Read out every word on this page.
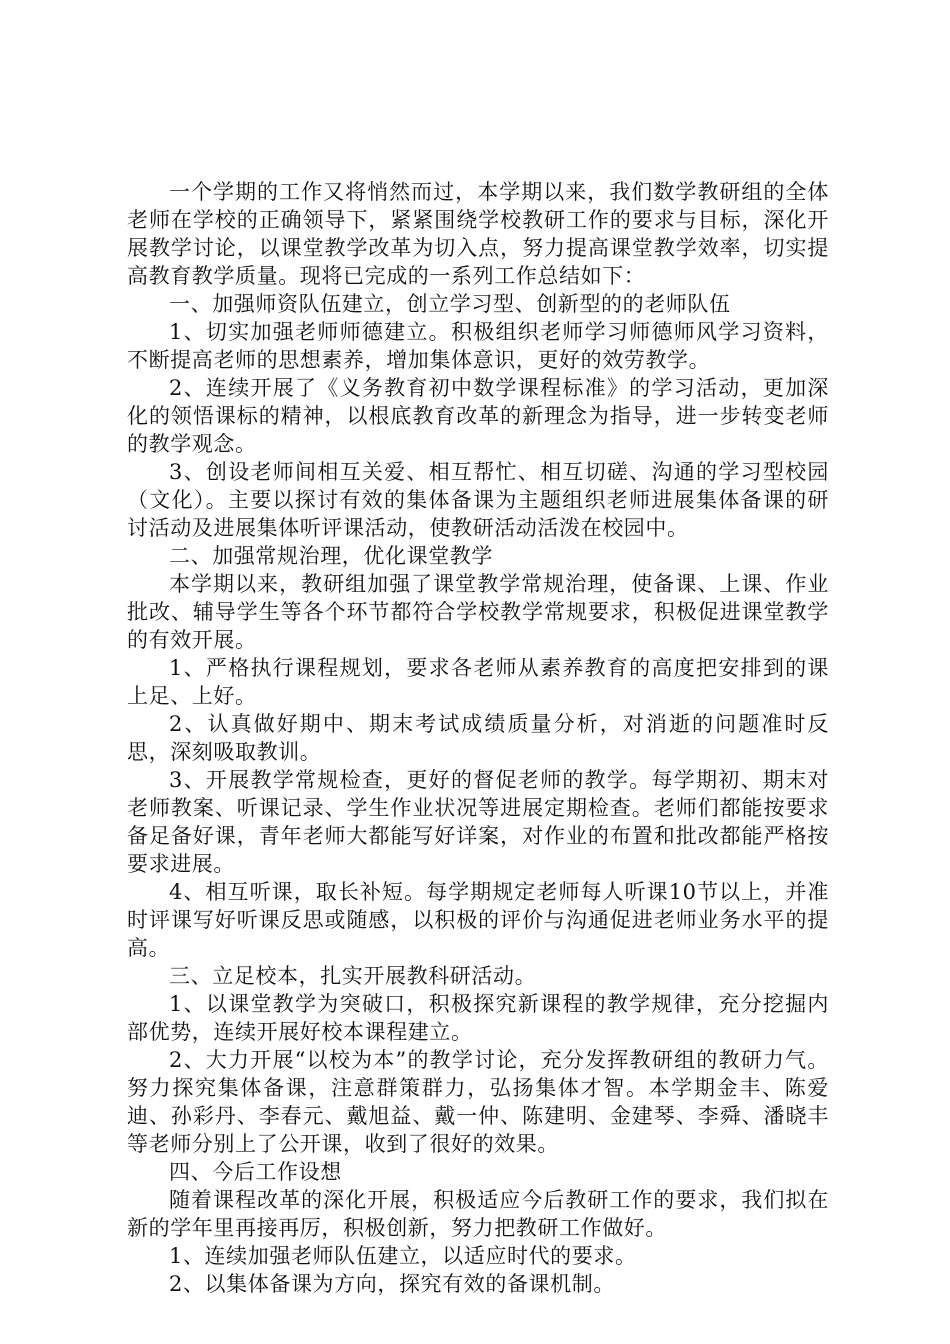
一个学期的工作又将悄然而过，本学期以来，我们数学教研组的全体老师在学校的正确领导下，紧紧围绕学校教研工作的要求与目标，深化开展教学讨论，以课堂教学改革为切入点，努力提高课堂教学效率，切实提高教育教学质量。现将已完成的一系列工作总结如下：

一、加强师资队伍建立，创立学习型、创新型的的老师队伍

1、切实加强老师师德建立。积极组织老师学习师德师风学习资料，不断提高老师的思想素养，增加集体意识，更好的效劳教学。

2、连续开展了《义务教育初中数学课程标准》的学习活动，更加深化的领悟课标的精神，以根底教育改革的新理念为指导，进一步转变老师的教学观念。

3、创设老师间相互关爱、相互帮忙、相互切磋、沟通的学习型校园（文化）。主要以探讨有效的集体备课为主题组织老师进展集体备课的研讨活动及进展集体听评课活动，使教研活动活泼在校园中。

二、加强常规治理，优化课堂教学

本学期以来，教研组加强了课堂教学常规治理，使备课、上课、作业批改、辅导学生等各个环节都符合学校教学常规要求，积极促进课堂教学的有效开展。

1、严格执行课程规划，要求各老师从素养教育的高度把安排到的课上足、上好。

2、认真做好期中、期末考试成绩质量分析，对消逝的问题准时反思，深刻吸取教训。

3、开展教学常规检查，更好的督促老师的教学。每学期初、期末对老师教案、听课记录、学生作业状况等进展定期检查。老师们都能按要求备足备好课，青年老师大都能写好详案，对作业的布置和批改都能严格按要求进展。

4、相互听课，取长补短。每学期规定老师每人听课10节以上，并准时评课写好听课反思或随感，以积极的评价与沟通促进老师业务水平的提高。

三、立足校本，扎实开展教科研活动。

1、以课堂教学为突破口，积极探究新课程的教学规律，充分挖掘内部优势，连续开展好校本课程建立。

2、大力开展“以校为本”的教学讨论，充分发挥教研组的教研力气。努力探究集体备课，注意群策群力，弘扬集体才智。本学期金丰、陈爱迪、孙彩丹、李春元、戴旭益、戴一仲、陈建明、金建琴、李舜、潘晓丰等老师分别上了公开课，收到了很好的效果。

四、今后工作设想

随着课程改革的深化开展，积极适应今后教研工作的要求，我们拟在新的学年里再接再厉，积极创新，努力把教研工作做好。

1、连续加强老师队伍建立，以适应时代的要求。

2、以集体备课为方向，探究有效的备课机制。
